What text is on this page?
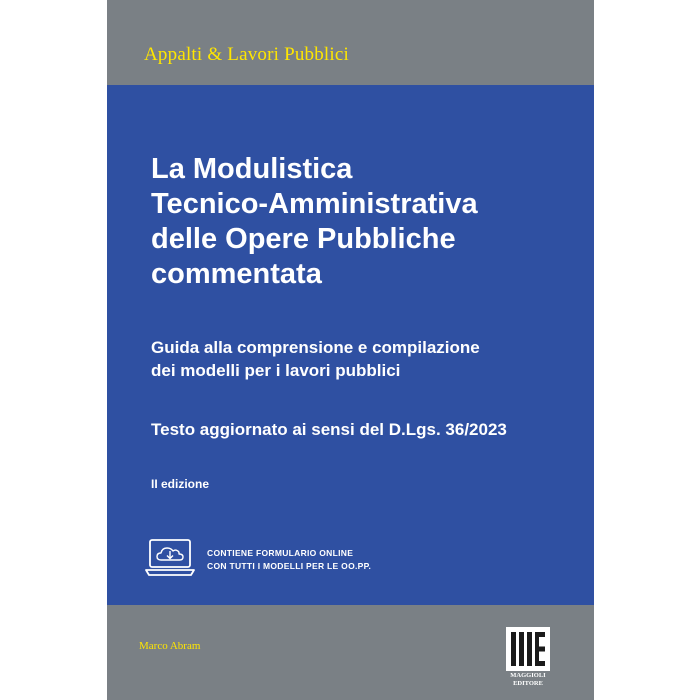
Appalti & Lavori Pubblici
La Modulistica
Tecnico-Amministrativa
delle Opere Pubbliche
commentata
Guida alla comprensione e compilazione
dei modelli per i lavori pubblici
Testo aggiornato ai sensi del D.Lgs. 36/2023
II edizione
CONTIENE FORMULARIO ONLINE
CON TUTTI I MODELLI PER LE OO.PP.
Marco Abram
MAGGIOLI
EDITORE
